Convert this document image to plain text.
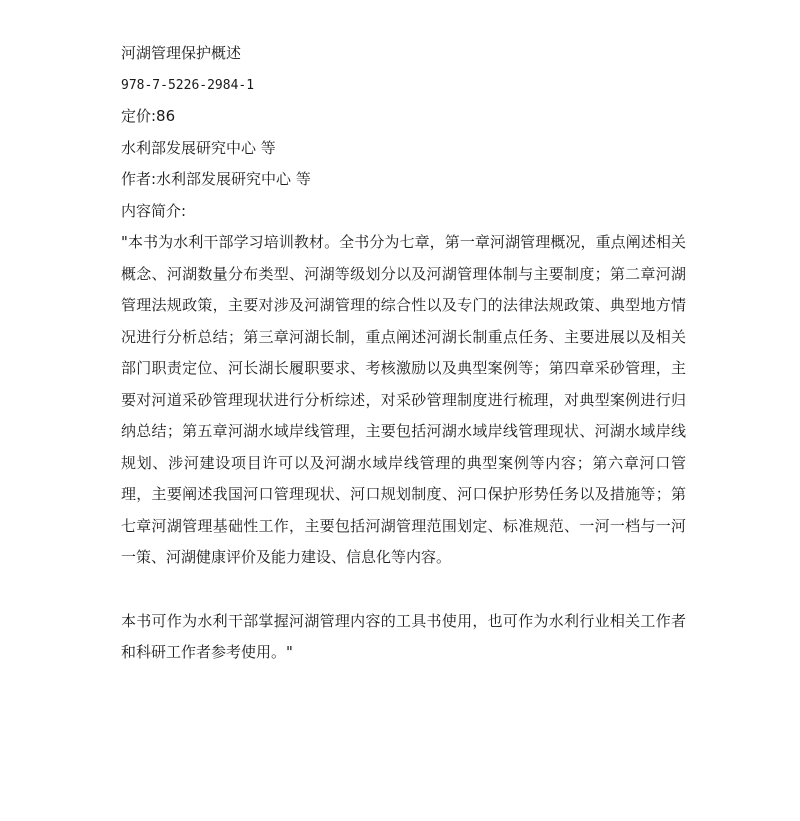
河湖管理保护概述
978-7-5226-2984-1
定价:86
水利部发展研究中心 等
作者:水利部发展研究中心 等
内容简介:

"本书为水利干部学习培训教材。全书分为七章，第一章河湖管理概况，重点阐述相关概念、河湖数量分布类型、河湖等级划分以及河湖管理体制与主要制度；第二章河湖管理法规政策，主要对涉及河湖管理的综合性以及专门的法律法规政策、典型地方情况进行分析总结；第三章河湖长制，重点阐述河湖长制重点任务、主要进展以及相关部门职责定位、河长湖长履职要求、考核激励以及典型案例等；第四章采砂管理，主要对河道采砂管理现状进行分析综述，对采砂管理制度进行梳理，对典型案例进行归纳总结；第五章河湖水域岸线管理，主要包括河湖水域岸线管理现状、河湖水域岸线规划、涉河建设项目许可以及河湖水域岸线管理的典型案例等内容；第六章河口管理，主要阐述我国河口管理现状、河口规划制度、河口保护形势任务以及措施等；第七章河湖管理基础性工作，主要包括河湖管理范围划定、标准规范、一河一档与一河一策、河湖健康评价及能力建设、信息化等内容。

本书可作为水利干部掌握河湖管理内容的工具书使用，也可作为水利行业相关工作者和科研工作者参考使用。"
